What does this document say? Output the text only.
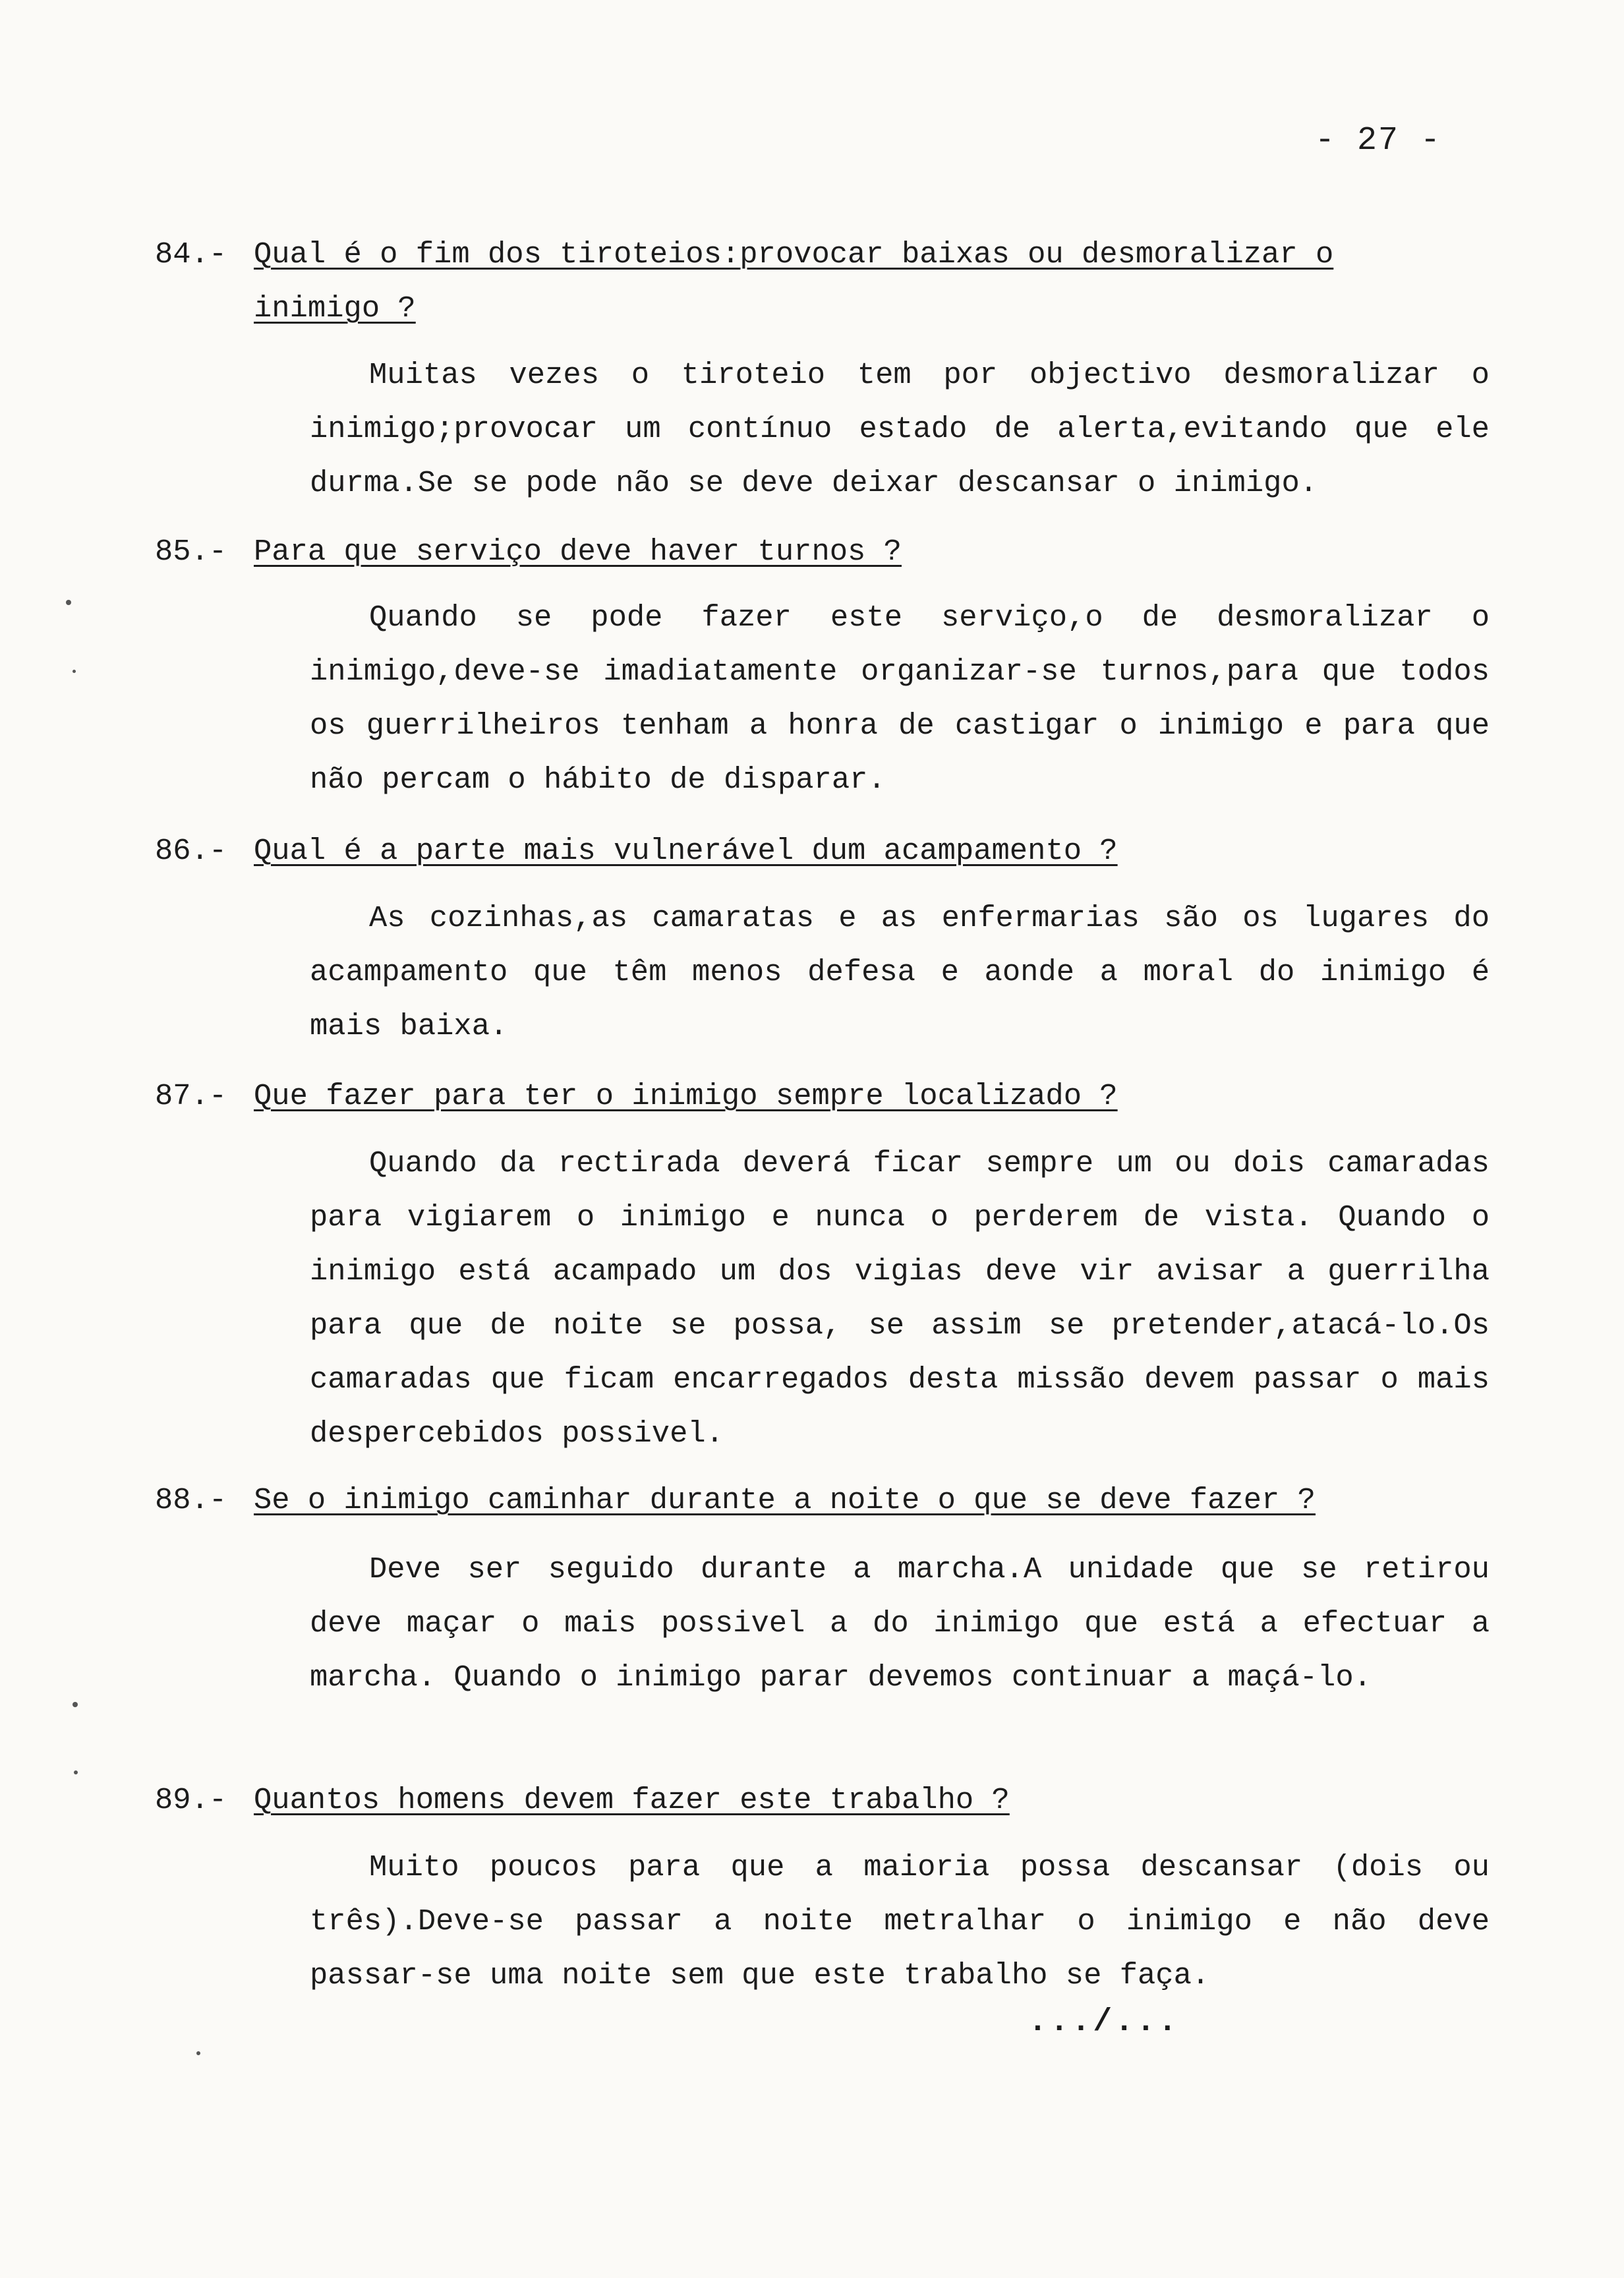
- 27 -
84.- Qual é o fim dos tiroteios:provocar baixas ou desmoralizar o inimigo ?

Muitas vezes o tiroteio tem por objectivo desmoralizar o inimigo;provocar um contínuo estado de alerta,evitando que ele durma.Se se pode não se deve deixar descansar o inimigo.

85.- Para que serviço deve haver turnos ?

Quando se pode fazer este serviço,o de desmoralizar o inimigo,deve-se imadiatamente organizar-se turnos,para que todos os guerrilheiros tenham a honra de castigar o inimigo e para que não percam o hábito de disparar.

86.- Qual é a parte mais vulnerável dum acampamento ?

As cozinhas,as camaratas e as enfermarias são os lugares do acampamento que têm menos defesa e aonde a moral do inimigo é mais baixa.

87.- Que fazer para ter o inimigo sempre localizado ?

Quando da rectirada deverá ficar sempre um ou dois camaradas para vigiarem o inimigo e nunca o perderem de vista. Quando o inimigo está acampado um dos vigias deve vir avisar a guerrilha para que de noite se possa, se assim se pretender,atacá-lo.Os camaradas que ficam encarregados desta missão devem passar o mais despercebidos possivel.

88.- Se o inimigo caminhar durante a noite o que se deve fazer ?

Deve ser seguido durante a marcha.A unidade que se retirou deve maçar o mais possivel a do inimigo que está a efectuar a marcha. Quando o inimigo parar devemos continuar a maçá-lo.

89.- Quantos homens devem fazer este trabalho ?

Muito poucos para que a maioria possa descansar (dois ou três).Deve-se passar a noite metralhar o inimigo e não deve passar-se uma noite sem que este trabalho se faça.

.../...
